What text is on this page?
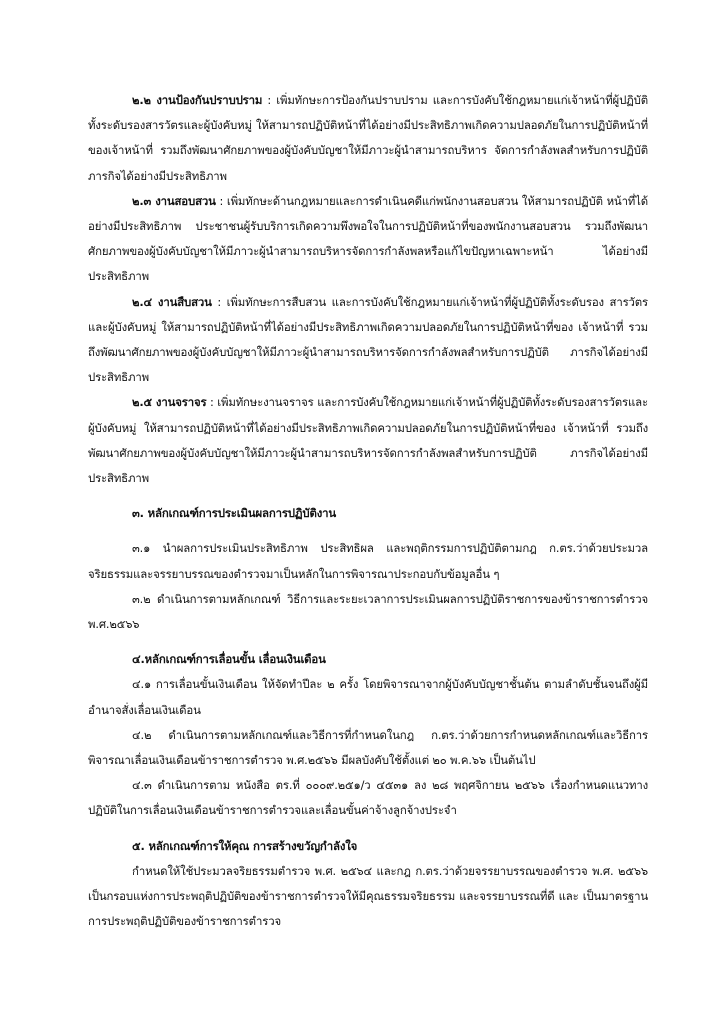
๒.๒ งานป้องกันปราบปราม : เพิ่มทักษะการป้องกันปราบปราม และการบังคับใช้กฎหมายแก่เจ้าหน้าที่ผู้ปฏิบัติทั้งระดับรองสารวัตรและผู้บังคับหมู่ ให้สามารถปฏิบัติหน้าที่ได้อย่างมีประสิทธิภาพเกิดความปลอดภัยในการปฏิบัติหน้าที่ของเจ้าหน้าที่ รวมถึงพัฒนาศักยภาพของผู้บังคับบัญชาให้มีภาวะผู้นำสามารถบริหาร จัดการกำลังพลสำหรับการปฏิบัติภารกิจได้อย่างมีประสิทธิภาพ

๒.๓ งานสอบสวน : เพิ่มทักษะด้านกฎหมายและการดำเนินคดีแก่พนักงานสอบสวน ให้สามารถปฏิบัติ หน้าที่ได้อย่างมีประสิทธิภาพ ประชาชนผู้รับบริการเกิดความพึงพอใจในการปฏิบัติหน้าที่ของพนักงานสอบสวน รวมถึงพัฒนาศักยภาพของผู้บังคับบัญชาให้มีภาวะผู้นำสามารถบริหารจัดการกำลังพลหรือแก้ไขปัญหาเฉพาะหน้า ได้อย่างมีประสิทธิภาพ

๒.๔ งานสืบสวน : เพิ่มทักษะการสืบสวน และการบังคับใช้กฎหมายแก่เจ้าหน้าที่ผู้ปฏิบัติทั้งระดับรอง สารวัตรและผู้บังคับหมู่ ให้สามารถปฏิบัติหน้าที่ได้อย่างมีประสิทธิภาพเกิดความปลอดภัยในการปฏิบัติหน้าที่ของ เจ้าหน้าที่ รวมถึงพัฒนาศักยภาพของผู้บังคับบัญชาให้มีภาวะผู้นำสามารถบริหารจัดการกำลังพลสำหรับการปฏิบัติ ภารกิจได้อย่างมีประสิทธิภาพ

๒.๕ งานจราจร : เพิ่มทักษะงานจราจร และการบังคับใช้กฎหมายแก่เจ้าหน้าที่ผู้ปฏิบัติทั้งระดับรองสารวัตรและผู้บังคับหมู่ ให้สามารถปฏิบัติหน้าที่ได้อย่างมีประสิทธิภาพเกิดความปลอดภัยในการปฏิบัติหน้าที่ของ เจ้าหน้าที่ รวมถึงพัฒนาศักยภาพของผู้บังคับบัญชาให้มีภาวะผู้นำสามารถบริหารจัดการกำลังพลสำหรับการปฏิบัติ ภารกิจได้อย่างมีประสิทธิภาพ

๓. หลักเกณฑ์การประเมินผลการปฏิบัติงาน

๓.๑ นำผลการประเมินประสิทธิภาพ ประสิทธิผล และพฤติกรรมการปฏิบัติตามกฎ ก.ตร.ว่าด้วยประมวลจริยธรรมและจรรยาบรรณของตำรวจมาเป็นหลักในการพิจารณาประกอบกับข้อมูลอื่น ๆ

๓.๒ ดำเนินการตามหลักเกณฑ์ วิธีการและระยะเวลาการประเมินผลการปฏิบัติราชการของข้าราชการตำรวจ พ.ศ.๒๕๖๖

๔.หลักเกณฑ์การเลื่อนขั้น เลื่อนเงินเดือน

๔.๑ การเลื่อนขั้นเงินเดือน ให้จัดทำปีละ ๒ ครั้ง โดยพิจารณาจากผู้บังคับบัญชาชั้นต้น ตามลำดับชั้นจนถึงผู้มีอำนาจสั่งเลื่อนเงินเดือน

๔.๒ ดำเนินการตามหลักเกณฑ์และวิธีการที่กำหนดในกฎ ก.ตร.ว่าด้วยการกำหนดหลักเกณฑ์และวิธีการพิจารณาเลื่อนเงินเดือนข้าราชการตำรวจ พ.ศ.๒๕๖๖ มีผลบังคับใช้ตั้งแต่ ๒๐ พ.ค.๖๖ เป็นต้นไป

๔.๓ ดำเนินการตาม หนังสือ ตร.ที่ ๐๐๐๙.๒๕๑/ว ๔๕๓๑ ลง ๒๘ พฤศจิกายน ๒๕๖๖ เรื่องกำหนดแนวทางปฏิบัติในการเลื่อนเงินเดือนข้าราชการตำรวจและเลื่อนขั้นค่าจ้างลูกจ้างประจำ

๕. หลักเกณฑ์การให้คุณ การสร้างขวัญกำลังใจ

กำหนดให้ใช้ประมวลจริยธรรมตำรวจ พ.ศ. ๒๕๖๔ และกฎ ก.ตร.ว่าด้วยจรรยาบรรณของตำรวจ พ.ศ. ๒๕๖๖ เป็นกรอบแห่งการประพฤติปฏิบัติของข้าราชการตำรวจให้มีคุณธรรมจริยธรรม และจรรยาบรรณที่ดี และ เป็นมาตรฐานการประพฤติปฏิบัติของข้าราชการตำรวจ
